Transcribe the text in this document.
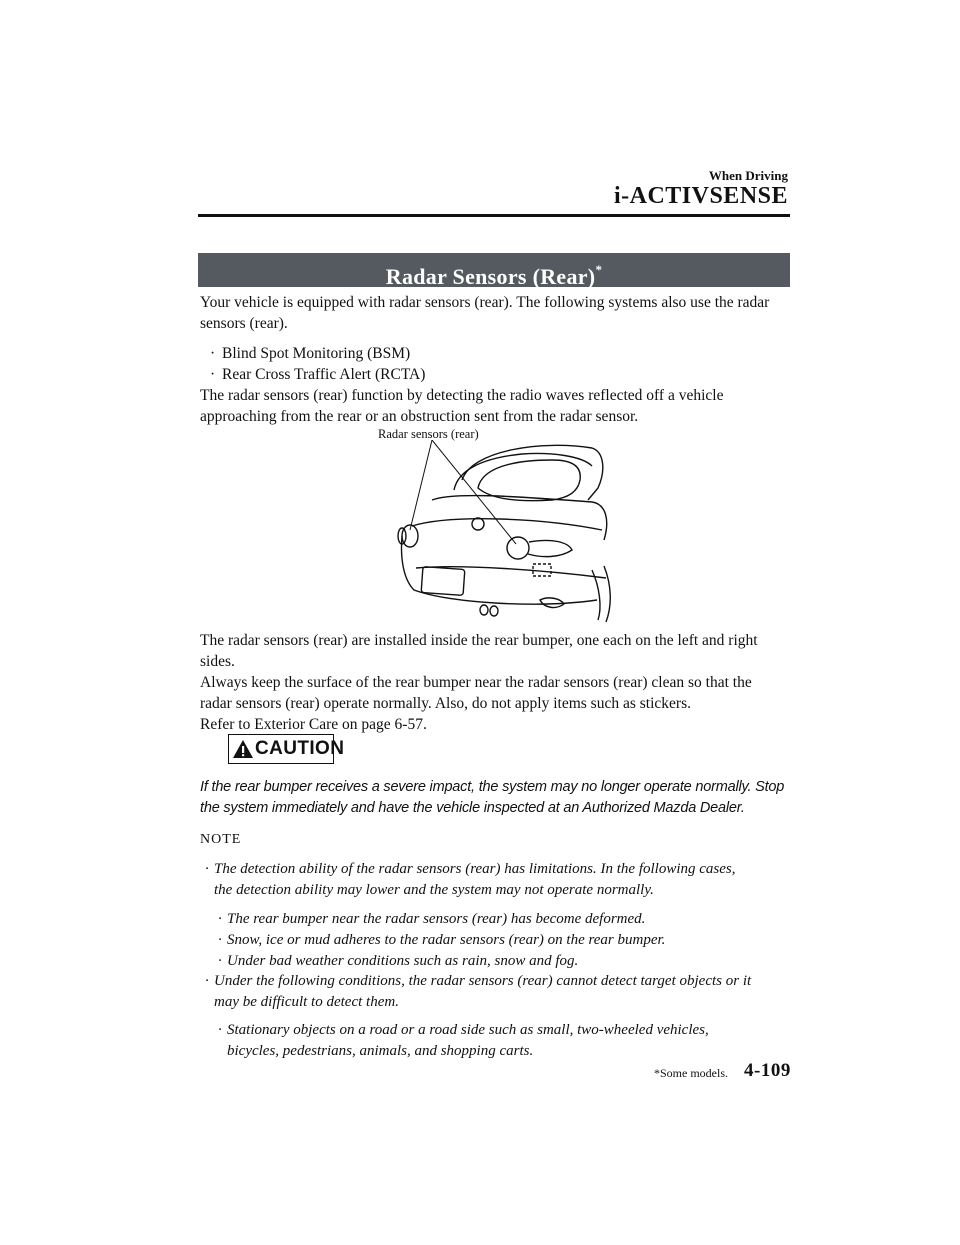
When Driving
i-ACTIVSENSE
Radar Sensors (Rear)*
Your vehicle is equipped with radar sensors (rear). The following systems also use the radar
sensors (rear).
· Blind Spot Monitoring (BSM)
· Rear Cross Traffic Alert (RCTA)
The radar sensors (rear) function by detecting the radio waves reflected off a vehicle
approaching from the rear or an obstruction sent from the radar sensor.
Radar sensors (rear)
The radar sensors (rear) are installed inside the rear bumper, one each on the left and right
sides.
Always keep the surface of the rear bumper near the radar sensors (rear) clean so that the
radar sensors (rear) operate normally. Also, do not apply items such as stickers.
Refer to Exterior Care on page 6-57.
CAUTION
If the rear bumper receives a severe impact, the system may no longer operate normally. Stop
the system immediately and have the vehicle inspected at an Authorized Mazda Dealer.
NOTE
· The detection ability of the radar sensors (rear) has limitations. In the following cases,
the detection ability may lower and the system may not operate normally.
· The rear bumper near the radar sensors (rear) has become deformed.
· Snow, ice or mud adheres to the radar sensors (rear) on the rear bumper.
· Under bad weather conditions such as rain, snow and fog.
· Under the following conditions, the radar sensors (rear) cannot detect target objects or it
may be difficult to detect them.
· Stationary objects on a road or a road side such as small, two-wheeled vehicles,
bicycles, pedestrians, animals, and shopping carts.
*Some models. 4-109
